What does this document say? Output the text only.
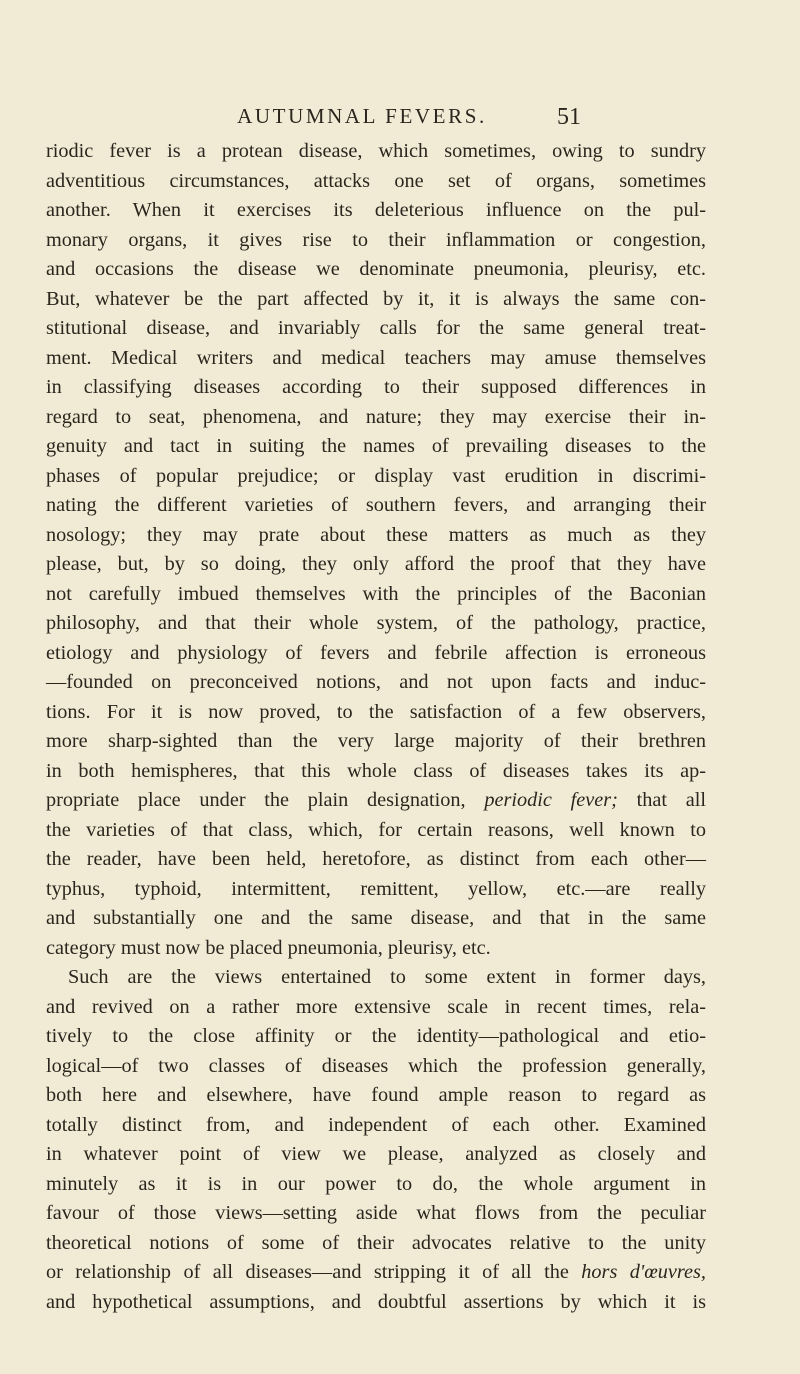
AUTUMNAL FEVERS.	51
riodic fever is a protean disease, which sometimes, owing to sundry
adventitious circumstances, attacks one set of organs, sometimes
another. When it exercises its deleterious influence on the pul-
monary organs, it gives rise to their inflammation or congestion,
and occasions the disease we denominate pneumonia, pleurisy, etc.
But, whatever be the part affected by it, it is always the same con-
stitutional disease, and invariably calls for the same general treat-
ment. Medical writers and medical teachers may amuse themselves
in classifying diseases according to their supposed differences in
regard to seat, phenomena, and nature; they may exercise their in-
genuity and tact in suiting the names of prevailing diseases to the
phases of popular prejudice; or display vast erudition in discrimi-
nating the different varieties of southern fevers, and arranging their
nosology; they may prate about these matters as much as they
please, but, by so doing, they only afford the proof that they have
not carefully imbued themselves with the principles of the Baconian
philosophy, and that their whole system, of the pathology, practice,
etiology and physiology of fevers and febrile affection is erroneous
—founded on preconceived notions, and not upon facts and induc-
tions. For it is now proved, to the satisfaction of a few observers,
more sharp-sighted than the very large majority of their brethren
in both hemispheres, that this whole class of diseases takes its ap-
propriate place under the plain designation, periodic fever; that all
the varieties of that class, which, for certain reasons, well known to
the reader, have been held, heretofore, as distinct from each other—
typhus, typhoid, intermittent, remittent, yellow, etc.—are really
and substantially one and the same disease, and that in the same
category must now be placed pneumonia, pleurisy, etc.
Such are the views entertained to some extent in former days,
and revived on a rather more extensive scale in recent times, rela-
tively to the close affinity or the identity—pathological and etio-
logical—of two classes of diseases which the profession generally,
both here and elsewhere, have found ample reason to regard as
totally distinct from, and independent of each other. Examined
in whatever point of view we please, analyzed as closely and
minutely as it is in our power to do, the whole argument in
favour of those views—setting aside what flows from the peculiar
theoretical notions of some of their advocates relative to the unity
or relationship of all diseases—and stripping it of all the hors d'œuvres,
and hypothetical assumptions, and doubtful assertions by which it is
